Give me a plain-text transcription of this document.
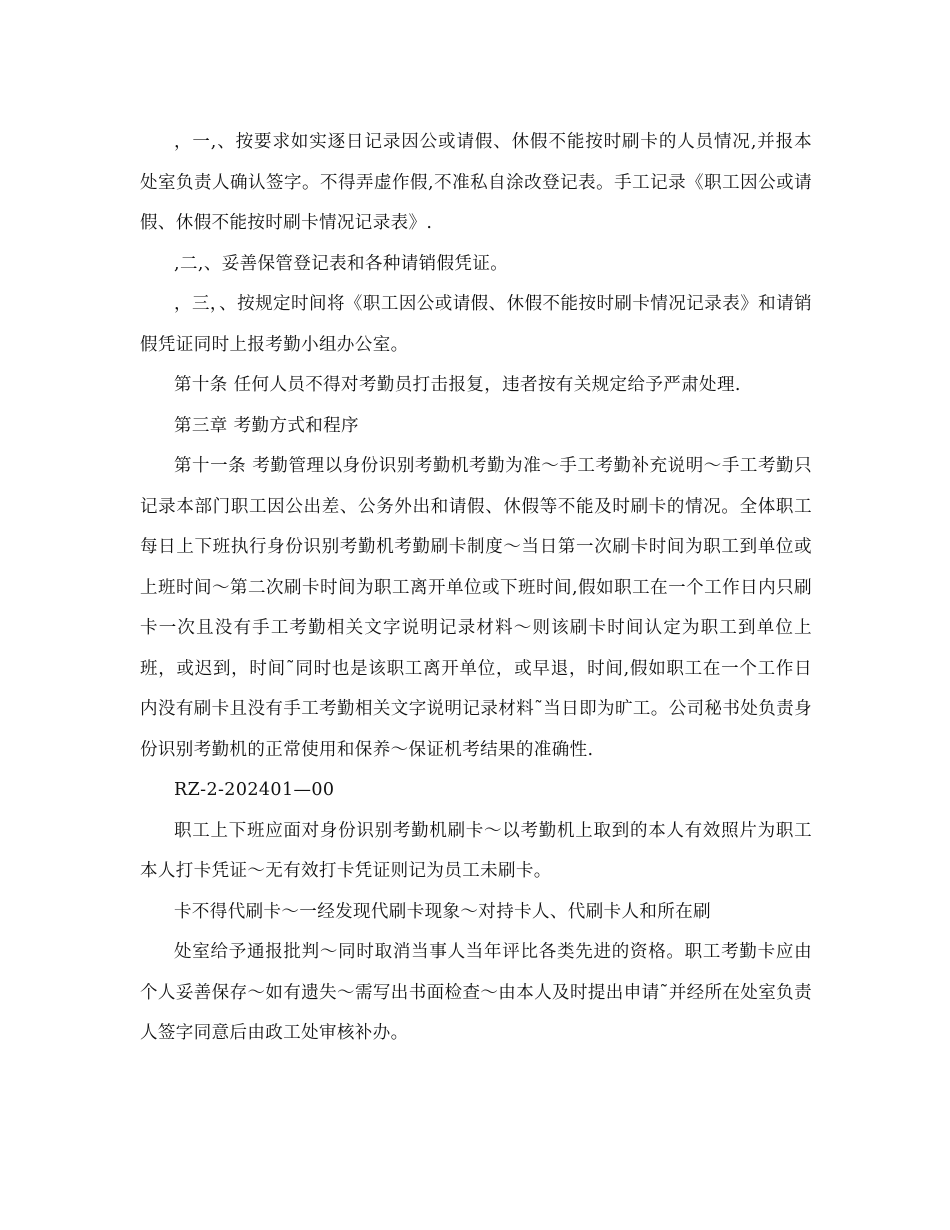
，一,、按要求如实逐日记录因公或请假、休假不能按时刷卡的人员情况,并报本处室负责人确认签字。不得弄虚作假,不准私自涂改登记表。手工记录《职工因公或请假、休假不能按时刷卡情况记录表》.

,二,、妥善保管登记表和各种请销假凭证。

，三，、按规定时间将《职工因公或请假、休假不能按时刷卡情况记录表》和请销假凭证同时上报考勤小组办公室。

第十条 任何人员不得对考勤员打击报复，违者按有关规定给予严肃处理.

第三章 考勤方式和程序

第十一条 考勤管理以身份识别考勤机考勤为准～手工考勤补充说明～手工考勤只记录本部门职工因公出差、公务外出和请假、休假等不能及时刷卡的情况。全体职工每日上下班执行身份识别考勤机考勤刷卡制度～当日第一次刷卡时间为职工到单位或上班时间～第二次刷卡时间为职工离开单位或下班时间,假如职工在一个工作日内只刷卡一次且没有手工考勤相关文字说明记录材料～则该刷卡时间认定为职工到单位上班，或迟到，时间˜同时也是该职工离开单位，或早退，时间,假如职工在一个工作日内没有刷卡且没有手工考勤相关文字说明记录材料˜当日即为旷工。公司秘书处负责身份识别考勤机的正常使用和保养～保证机考结果的准确性.

RZ-2-202401—00

职工上下班应面对身份识别考勤机刷卡～以考勤机上取到的本人有效照片为职工本人打卡凭证～无有效打卡凭证则记为员工未刷卡。

卡不得代刷卡～一经发现代刷卡现象～对持卡人、代刷卡人和所在刷

处室给予通报批判～同时取消当事人当年评比各类先进的资格。职工考勤卡应由个人妥善保存～如有遗失～需写出书面检查～由本人及时提出申请˜并经所在处室负责人签字同意后由政工处审核补办。
